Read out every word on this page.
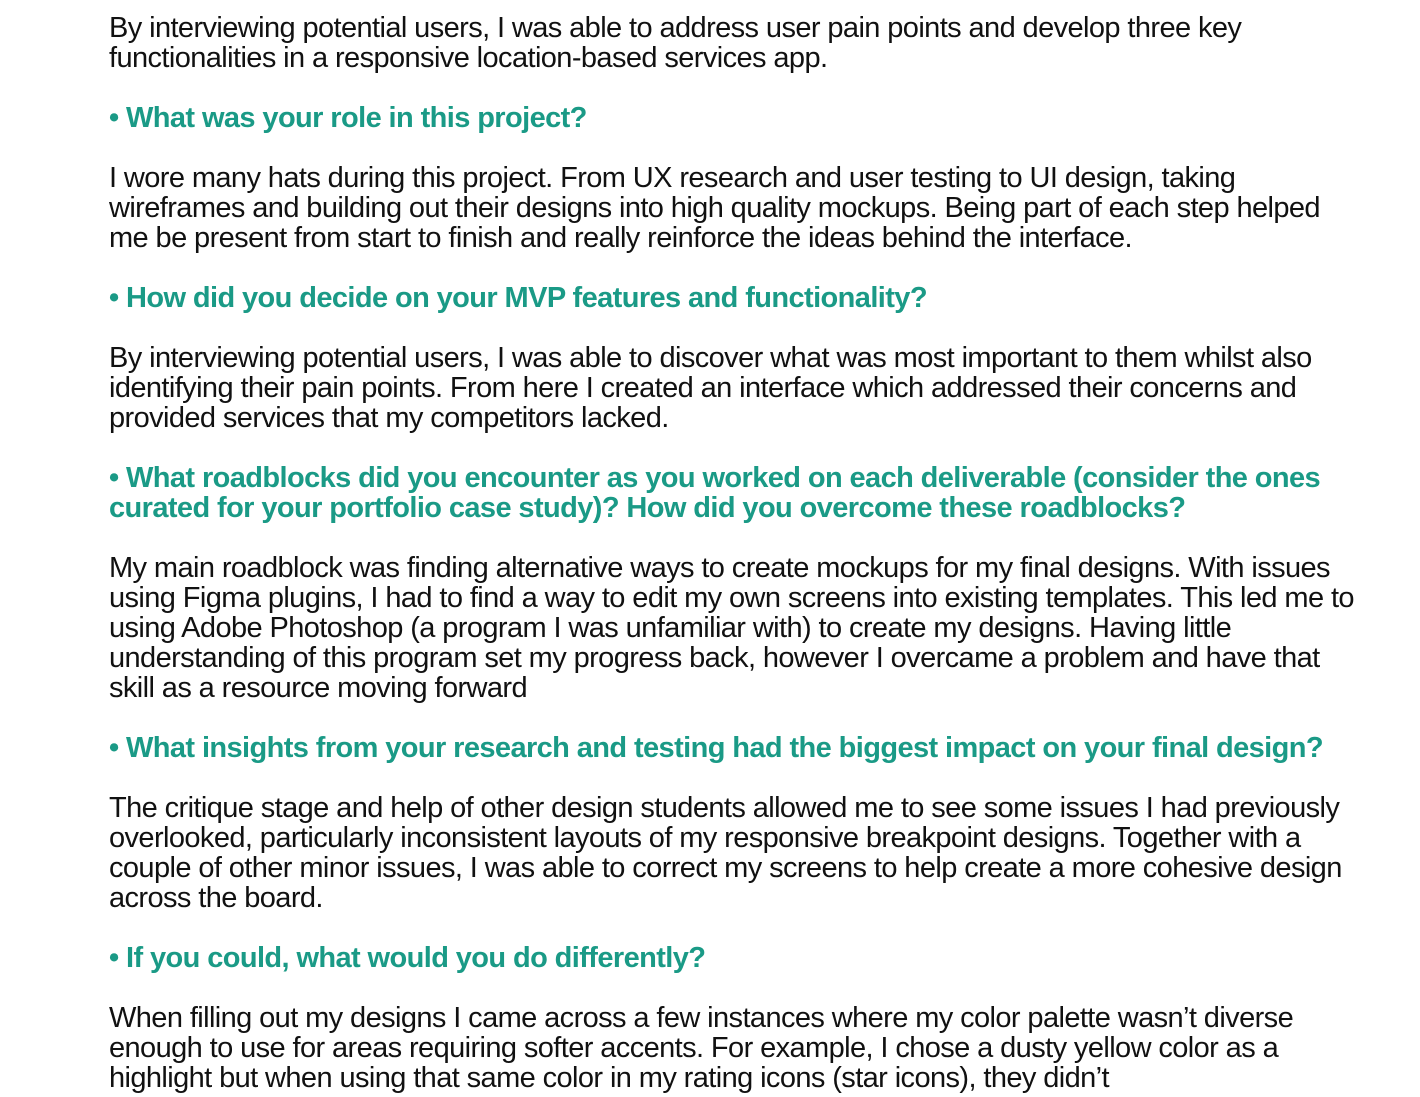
By interviewing potential users, I was able to address user pain points and develop three key functionalities in a responsive location-based services app.

• What was your role in this project?

I wore many hats during this project. From UX research and user testing to UI design, taking wireframes and building out their designs into high quality mockups. Being part of each step helped me be present from start to finish and really reinforce the ideas behind the interface.

• How did you decide on your MVP features and functionality?

By interviewing potential users, I was able to discover what was most important to them whilst also identifying their pain points. From here I created an interface which addressed their concerns and provided services that my competitors lacked.

• What roadblocks did you encounter as you worked on each deliverable (consider the ones curated for your portfolio case study)? How did you overcome these roadblocks?

My main roadblock was finding alternative ways to create mockups for my final designs. With issues using Figma plugins, I had to find a way to edit my own screens into existing templates. This led me to using Adobe Photoshop (a program I was unfamiliar with) to create my designs. Having little understanding of this program set my progress back, however I overcame a problem and have that skill as a resource moving forward

• What insights from your research and testing had the biggest impact on your final design?

The critique stage and help of other design students allowed me to see some issues I had previously overlooked, particularly inconsistent layouts of my responsive breakpoint designs. Together with a couple of other minor issues, I was able to correct my screens to help create a more cohesive design across the board.

• If you could, what would you do differently?

When filling out my designs I came across a few instances where my color palette wasn’t diverse enough to use for areas requiring softer accents. For example, I chose a dusty yellow color as a highlight but when using that same color in my rating icons (star icons), they didn’t
